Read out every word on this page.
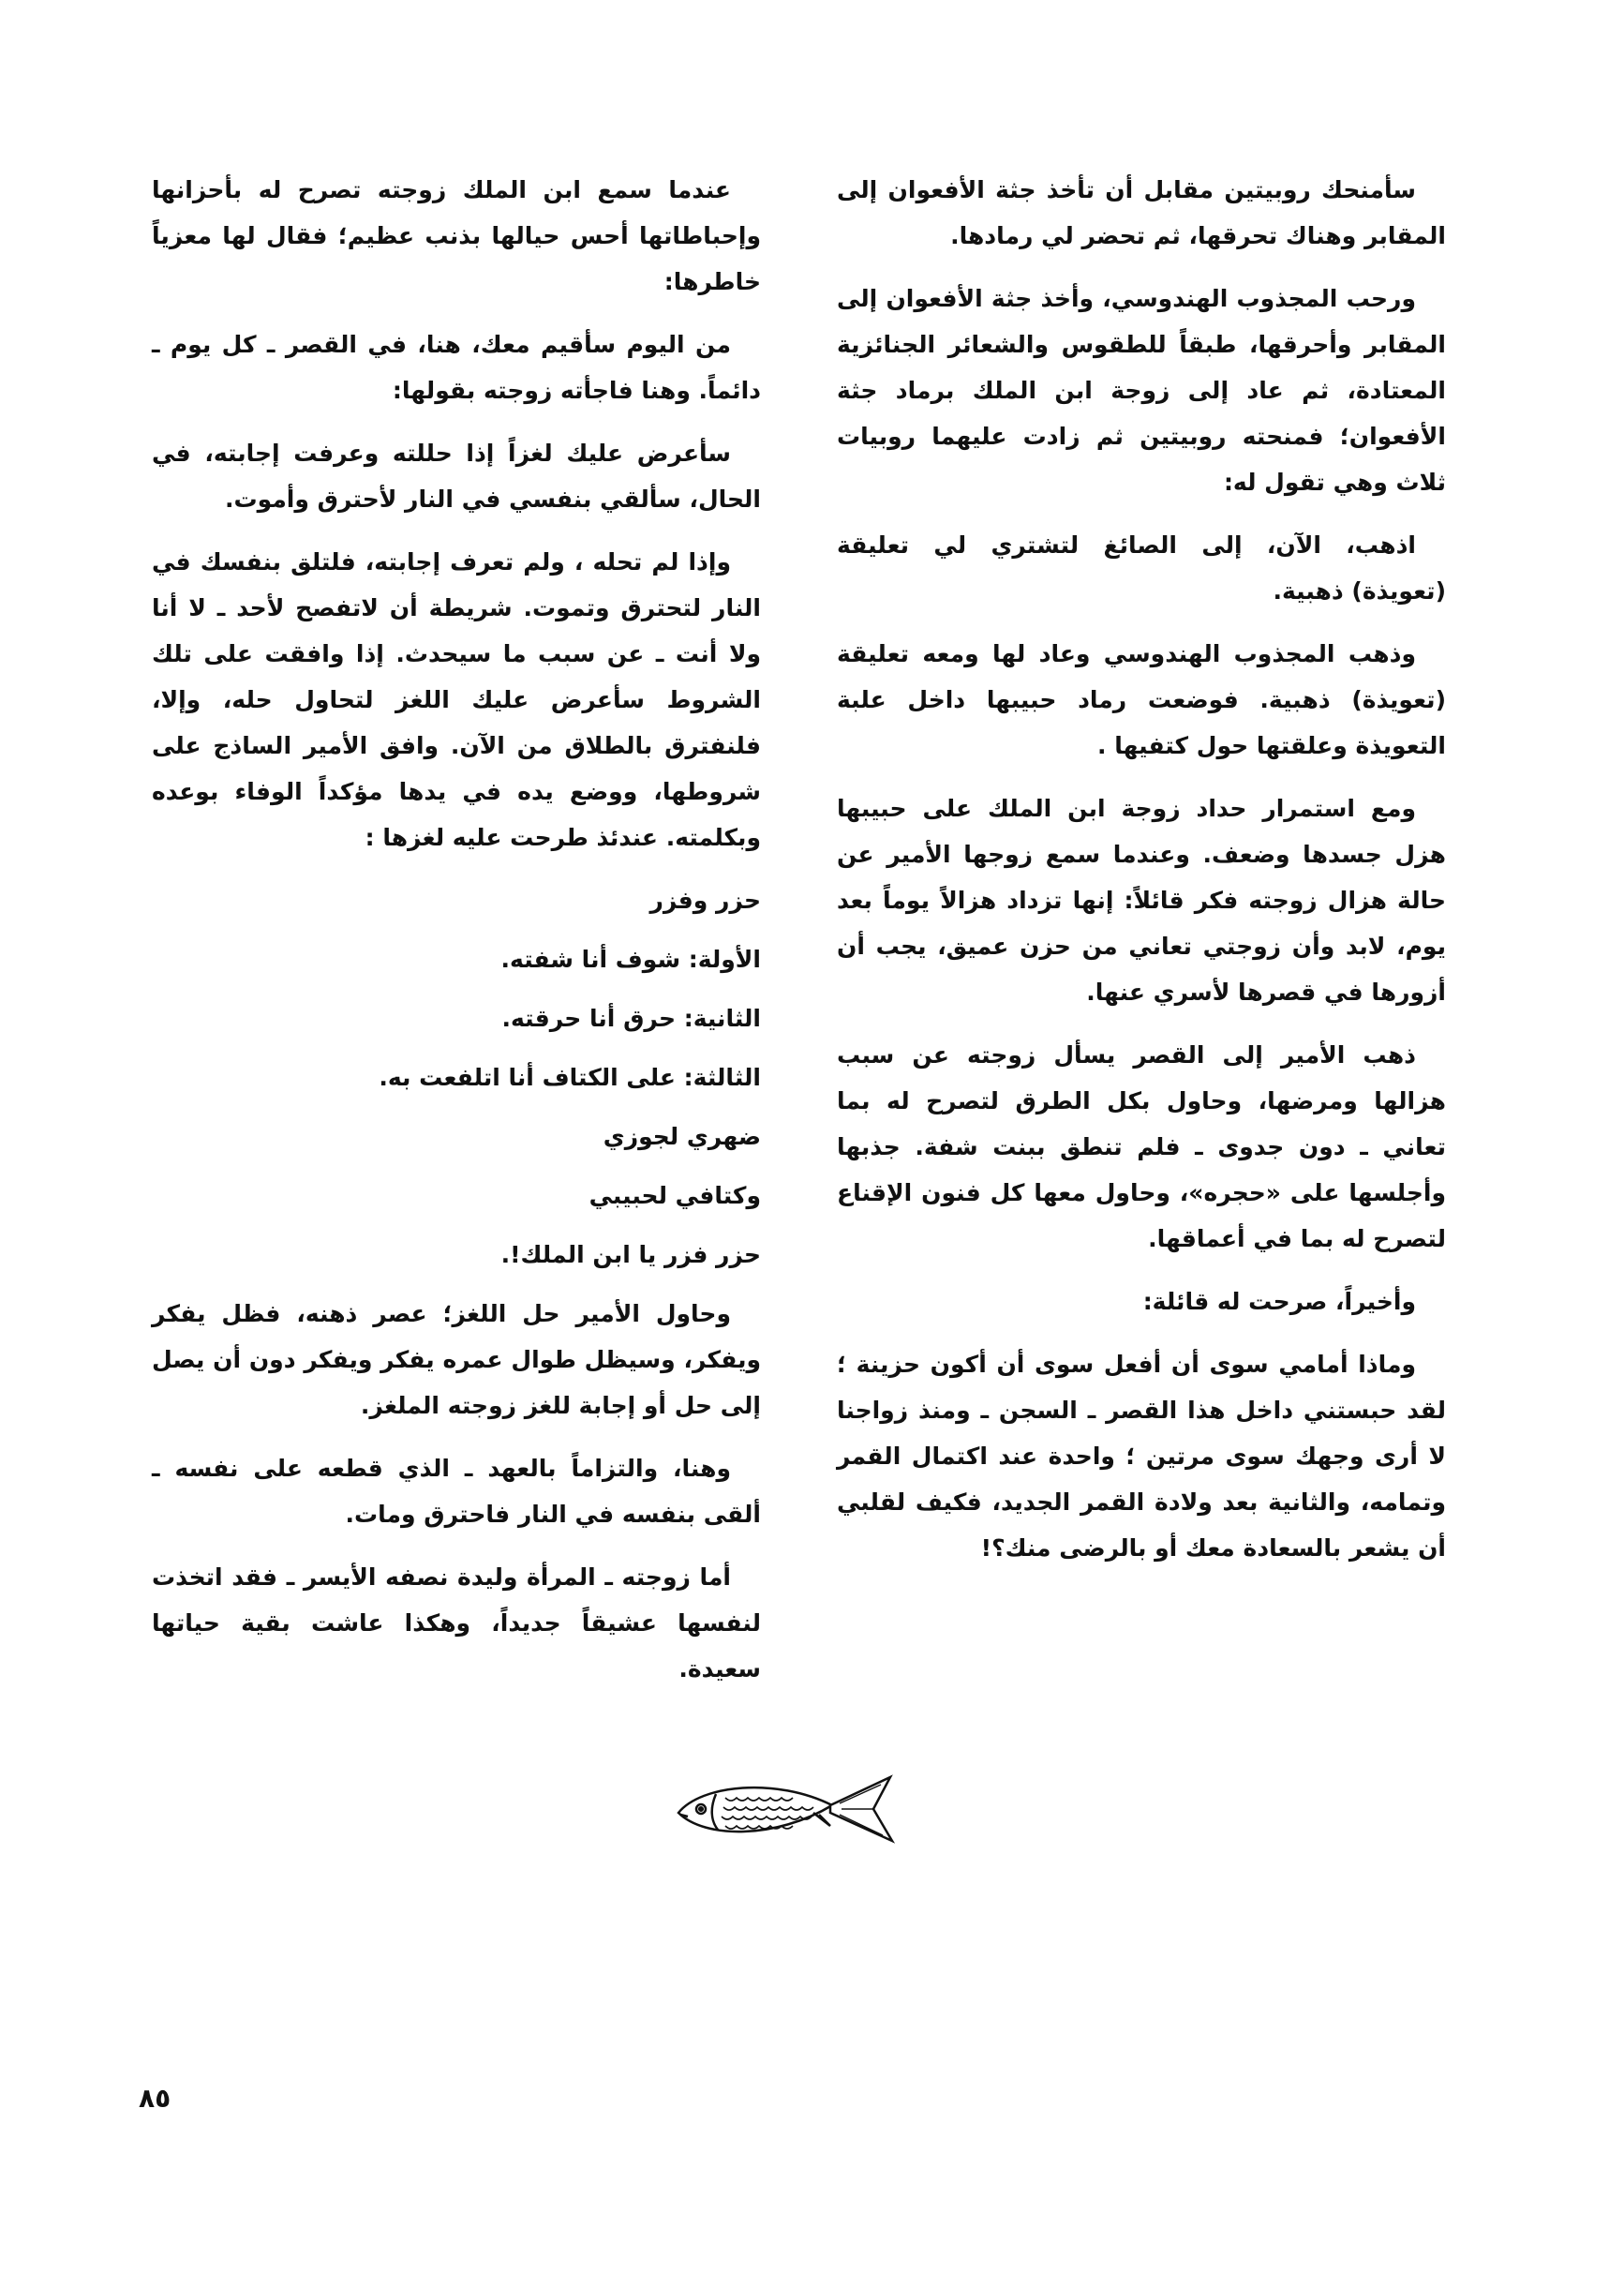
سأمنحك روبيتين مقابل أن تأخذ جثة الأفعوان إلى المقابر وهناك تحرقها، ثم تحضر لي رمادها.

ورحب المجذوب الهندوسي، وأخذ جثة الأفعوان إلى المقابر وأحرقها، طبقاً للطقوس والشعائر الجنائزية المعتادة، ثم عاد إلى زوجة ابن الملك برماد جثة الأفعوان؛ فمنحته روبيتين ثم زادت عليهما روبيات ثلاث وهي تقول له:

اذهب، الآن، إلى الصائغ لتشتري لي تعليقة (تعويذة) ذهبية.

وذهب المجذوب الهندوسي وعاد لها ومعه تعليقة (تعويذة) ذهبية. فوضعت رماد حبيبها داخل علبة التعويذة وعلقتها حول كتفيها .

ومع استمرار حداد زوجة ابن الملك على حبيبها هزل جسدها وضعف. وعندما سمع زوجها الأمير عن حالة هزال زوجته فكر قائلاً: إنها تزداد هزالاً يوماً بعد يوم، لابد وأن زوجتي تعاني من حزن عميق، يجب أن أزورها في قصرها لأسري عنها.

ذهب الأمير إلى القصر يسأل زوجته عن سبب هزالها ومرضها، وحاول بكل الطرق لتصرح له بما تعاني ـ دون جدوى ـ فلم تنطق ببنت شفة. جذبها وأجلسها على «حجره»، وحاول معها كل فنون الإقناع لتصرح له بما في أعماقها.

وأخيراً، صرحت له قائلة:

وماذا أمامي سوى أن أفعل سوى أن أكون حزينة ؛ لقد حبستني داخل هذا القصر ـ السجن ـ ومنذ زواجنا لا أرى وجهك سوى مرتين ؛ واحدة عند اكتمال القمر وتمامه، والثانية بعد ولادة القمر الجديد، فكيف لقلبي أن يشعر بالسعادة معك أو بالرضى منك؟!

عندما سمع ابن الملك زوجته تصرح له بأحزانها وإحباطاتها أحس حيالها بذنب عظيم؛ فقال لها معزياً خاطرها:

من اليوم سأقيم معك، هنا، في القصر ـ كل يوم ـ دائماً. وهنا فاجأته زوجته بقولها:

سأعرض عليك لغزاً إذا حللته وعرفت إجابته، في الحال، سألقي بنفسي في النار لأحترق وأموت.

وإذا لم تحله ، ولم تعرف إجابته، فلتلق بنفسك في النار لتحترق وتموت. شريطة أن لاتفصح لأحد ـ لا أنا ولا أنت ـ عن سبب ما سيحدث. إذا وافقت على تلك الشروط سأعرض عليك اللغز لتحاول حله، وإلا، فلنفترق بالطلاق من الآن. وافق الأمير الساذج على شروطها، ووضع يده في يدها مؤكداً الوفاء بوعده وبكلمته. عندئذ طرحت عليه لغزها :

حزر وفزر

الأولة: شوف أنا شفته.

الثانية: حرق أنا حرقته.

الثالثة: على الكتاف أنا اتلفعت به.

ضهري لجوزي

وكتافي لحبيبي

حزر فزر يا ابن الملك!.

وحاول الأمير حل اللغز؛ عصر ذهنه، فظل يفكر ويفكر، وسيظل طوال عمره يفكر ويفكر دون أن يصل إلى حل أو إجابة للغز زوجته الملغز.

وهنا، والتزاماً بالعهد ـ الذي قطعه على نفسه ـ ألقى بنفسه في النار فاحترق ومات.

أما زوجته ـ المرأة وليدة نصفه الأيسر ـ فقد اتخذت لنفسها عشيقاً جديداً، وهكذا عاشت بقية حياتها سعيدة.

٨٥
